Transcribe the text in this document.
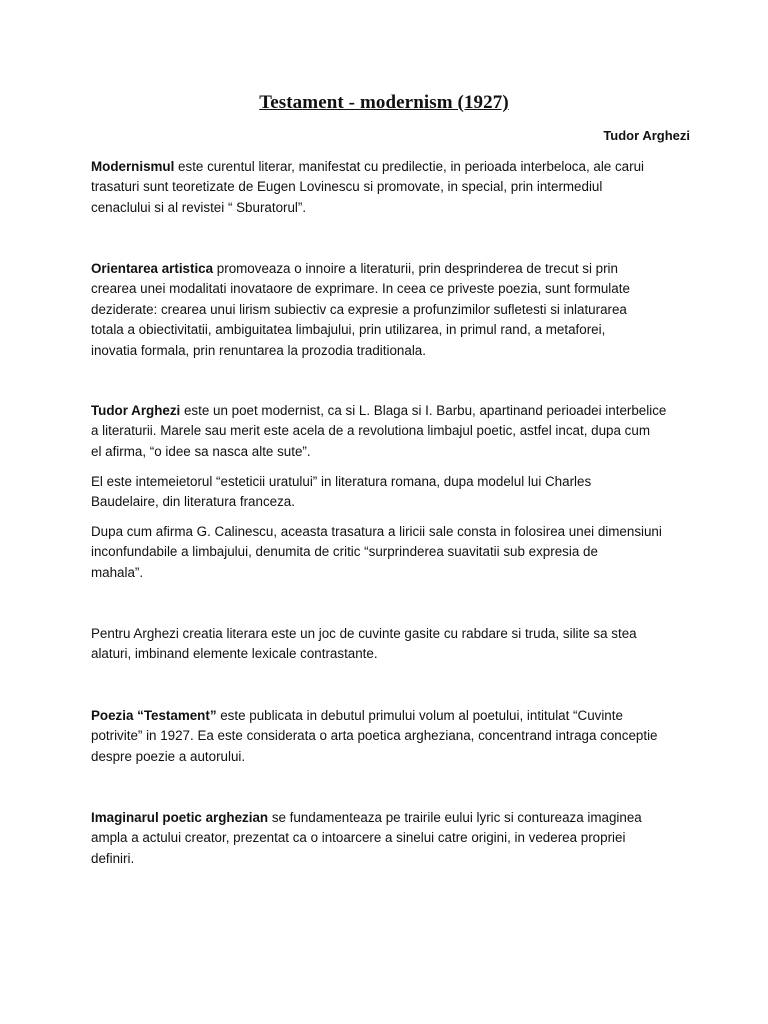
Testament - modernism (1927)
Tudor Arghezi

Modernismul este curentul literar, manifestat cu predilectie, in perioada interbeloca, ale carui
trasaturi sunt teoretizate de Eugen Lovinescu si promovate, in special, prin intermediul
cenaclului si al revistei “ Sburatorul”.

Orientarea artistica promoveaza o innoire a literaturii, prin desprinderea de trecut si prin
crearea unei modalitati inovataore de exprimare. In ceea ce priveste poezia, sunt formulate
deziderate: crearea unui lirism subiectiv ca expresie a profunzimilor sufletesti si inlaturarea
totala a obiectivitatii, ambiguitatea limbajului, prin utilizarea, in primul rand, a metaforei,
inovatia formala, prin renuntarea la prozodia traditionala.

Tudor Arghezi este un poet modernist, ca si L. Blaga si I. Barbu, apartinand perioadei interbelice
a literaturii. Marele sau merit este acela de a revolutiona limbajul poetic, astfel incat, dupa cum
el afirma, “o idee sa nasca alte sute”.

El este intemeietorul “esteticii uratului” in literatura romana, dupa modelul lui Charles
Baudelaire, din literatura franceza.

Dupa cum afirma G. Calinescu, aceasta trasatura a liricii sale consta in folosirea unei dimensiuni
inconfundabile a limbajului, denumita de critic “surprinderea suavitatii sub expresia de
mahala”.

Pentru Arghezi creatia literara este un joc de cuvinte gasite cu rabdare si truda, silite sa stea
alaturi, imbinand elemente lexicale contrastante.

Poezia “Testament” este publicata in debutul primului volum al poetului, intitulat “Cuvinte
potrivite” in 1927. Ea este considerata o arta poetica argheziana, concentrand intraga conceptie
despre poezie a autorului.

Imaginarul poetic arghezian se fundamenteaza pe trairile eului lyric si contureaza imaginea
ampla a actului creator, prezentat ca o intoarcere a sinelui catre origini, in vederea propriei
definiri.
